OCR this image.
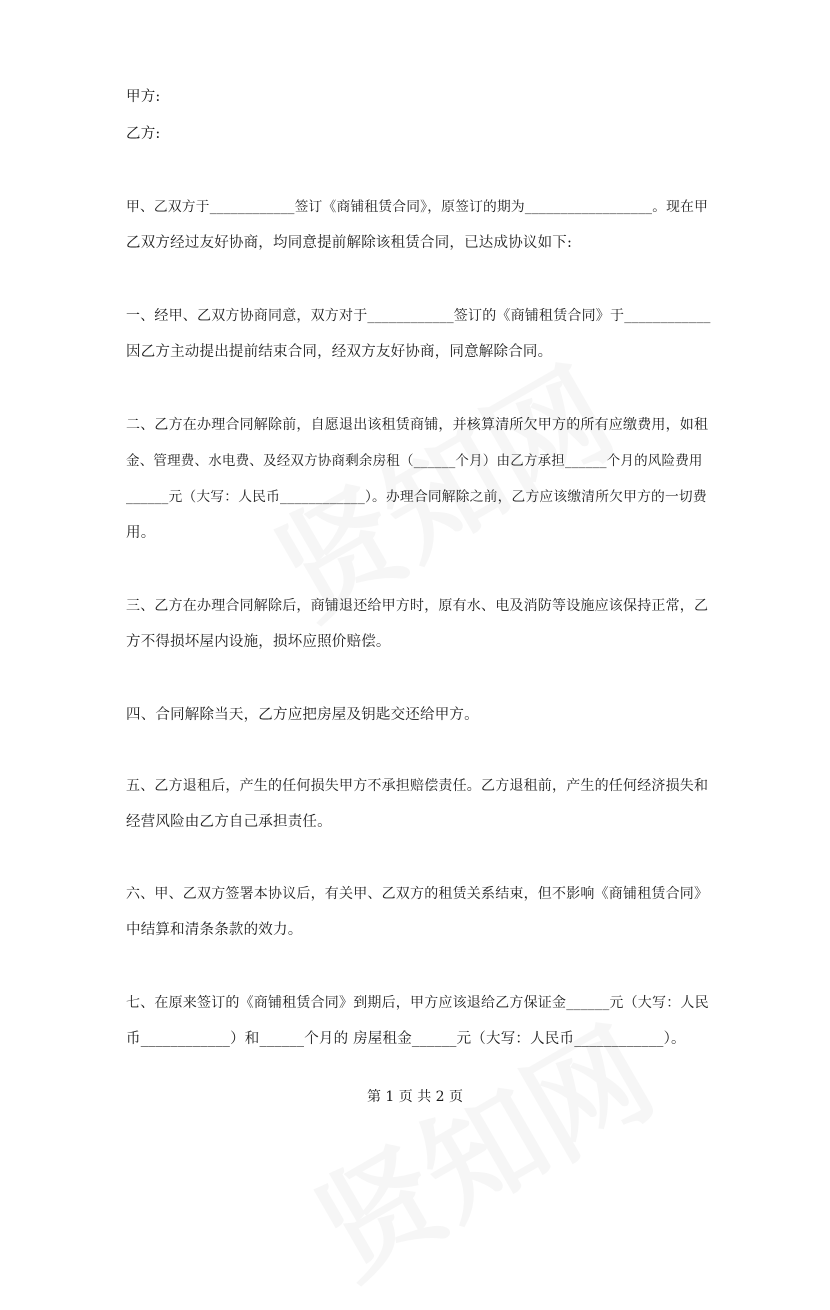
甲方:
乙方:
甲、乙双方于____________签订《商铺租赁合同》，原签订的期为__________________。现在甲
乙双方经过友好协商，均同意提前解除该租赁合同，已达成协议如下:
一、经甲、乙双方协商同意，双方对于____________签订的《商铺租赁合同》于____________
因乙方主动提出提前结束合同，经双方友好协商，同意解除合同。
二、乙方在办理合同解除前，自愿退出该租赁商铺，并核算清所欠甲方的所有应缴费用，如租
金、管理费、水电费、及经双方协商剩余房租（______个月）由乙方承担______个月的风险费用
______元（大写：人民币____________）。办理合同解除之前，乙方应该缴清所欠甲方的一切费
用。
三、乙方在办理合同解除后，商铺退还给甲方时，原有水、电及消防等设施应该保持正常，乙
方不得损坏屋内设施，损坏应照价赔偿。
四、合同解除当天，乙方应把房屋及钥匙交还给甲方。
五、乙方退租后，产生的任何损失甲方不承担赔偿责任。乙方退租前，产生的任何经济损失和
经营风险由乙方自己承担责任。
六、甲、乙双方签署本协议后，有关甲、乙双方的租赁关系结束，但不影响《商铺租赁合同》
中结算和清条条款的效力。
七、在原来签订的《商铺租赁合同》到期后，甲方应该退给乙方保证金______元（大写：人民
币____________）和______个月的 房屋租金______元（大写：人民币____________）。
第 1 页 共 2 页
